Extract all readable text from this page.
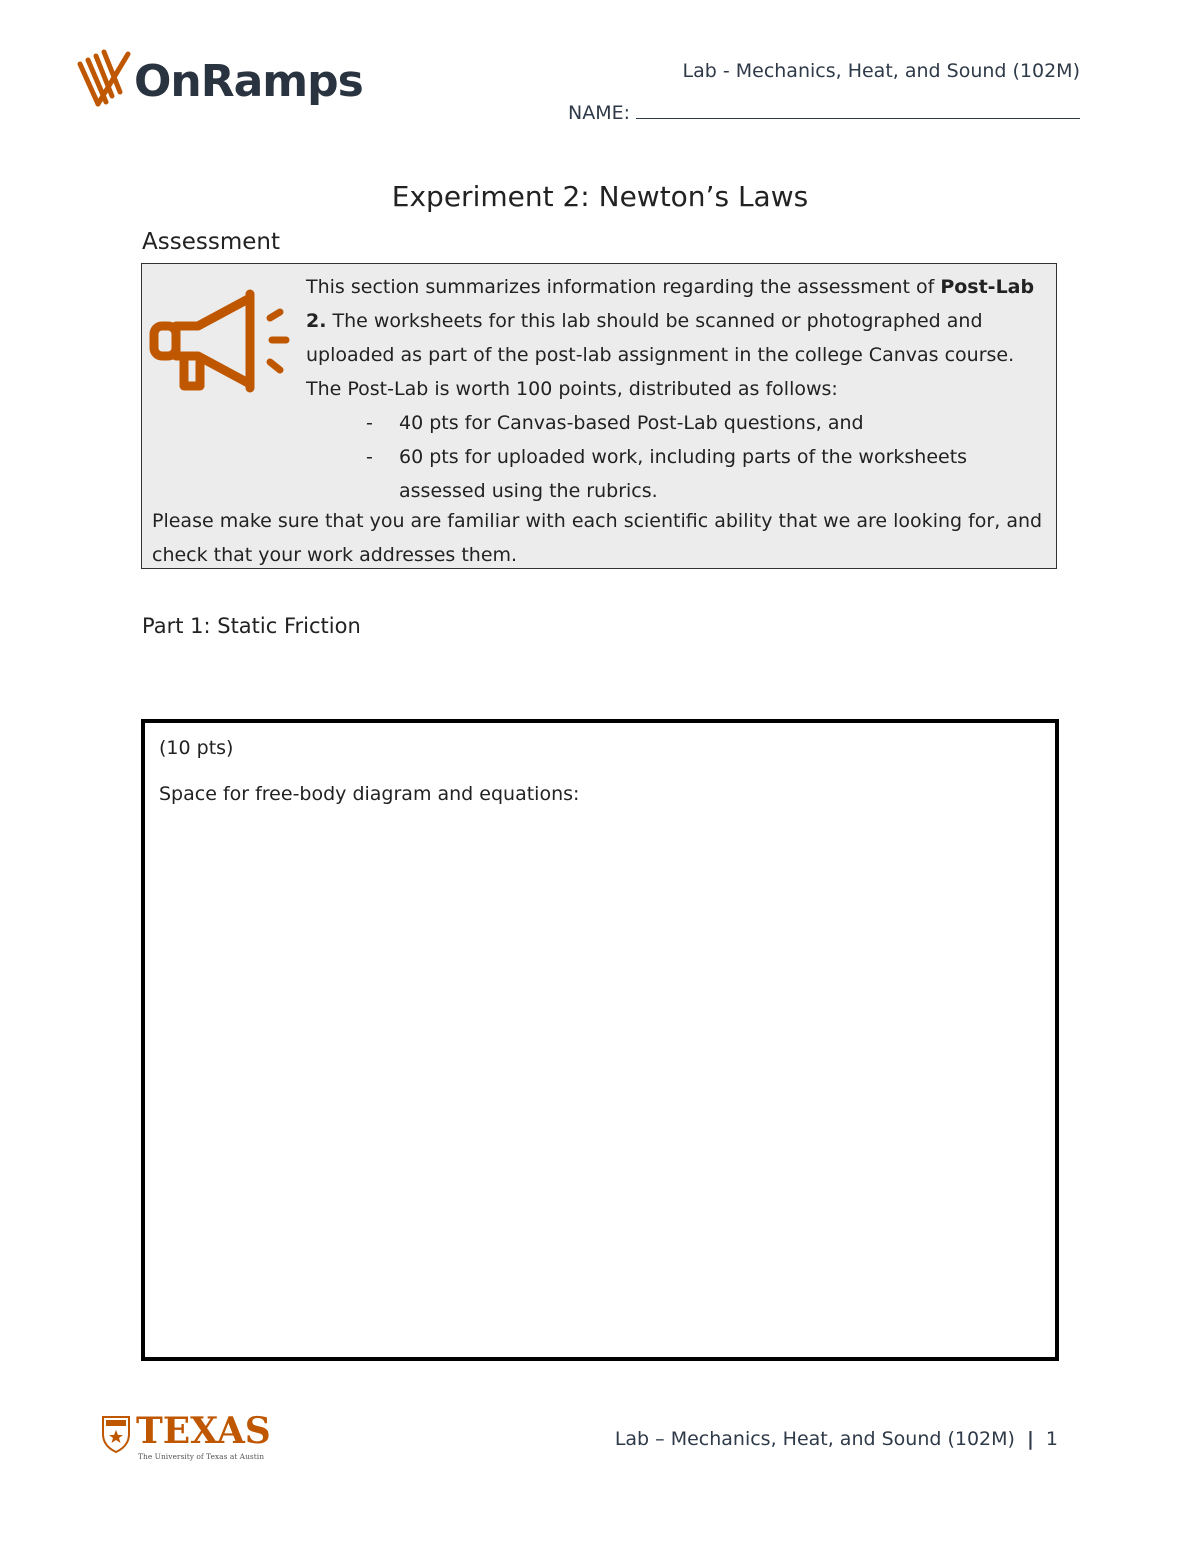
OnRamps	Lab - Mechanics, Heat, and Sound (102M)
NAME:
Experiment 2: Newton’s Laws
Assessment
This section summarizes information regarding the assessment of Post-Lab 2. The worksheets for this lab should be scanned or photographed and uploaded as part of the post-lab assignment in the college Canvas course. The Post-Lab is worth 100 points, distributed as follows:
- 40 pts for Canvas-based Post-Lab questions, and
- 60 pts for uploaded work, including parts of the worksheets assessed using the rubrics.
Please make sure that you are familiar with each scientific ability that we are looking for, and check that your work addresses them.
Part 1: Static Friction
(10 pts)
Space for free-body diagram and equations:
TEXAS
The University of Texas at Austin
Lab – Mechanics, Heat, and Sound (102M) | 1
